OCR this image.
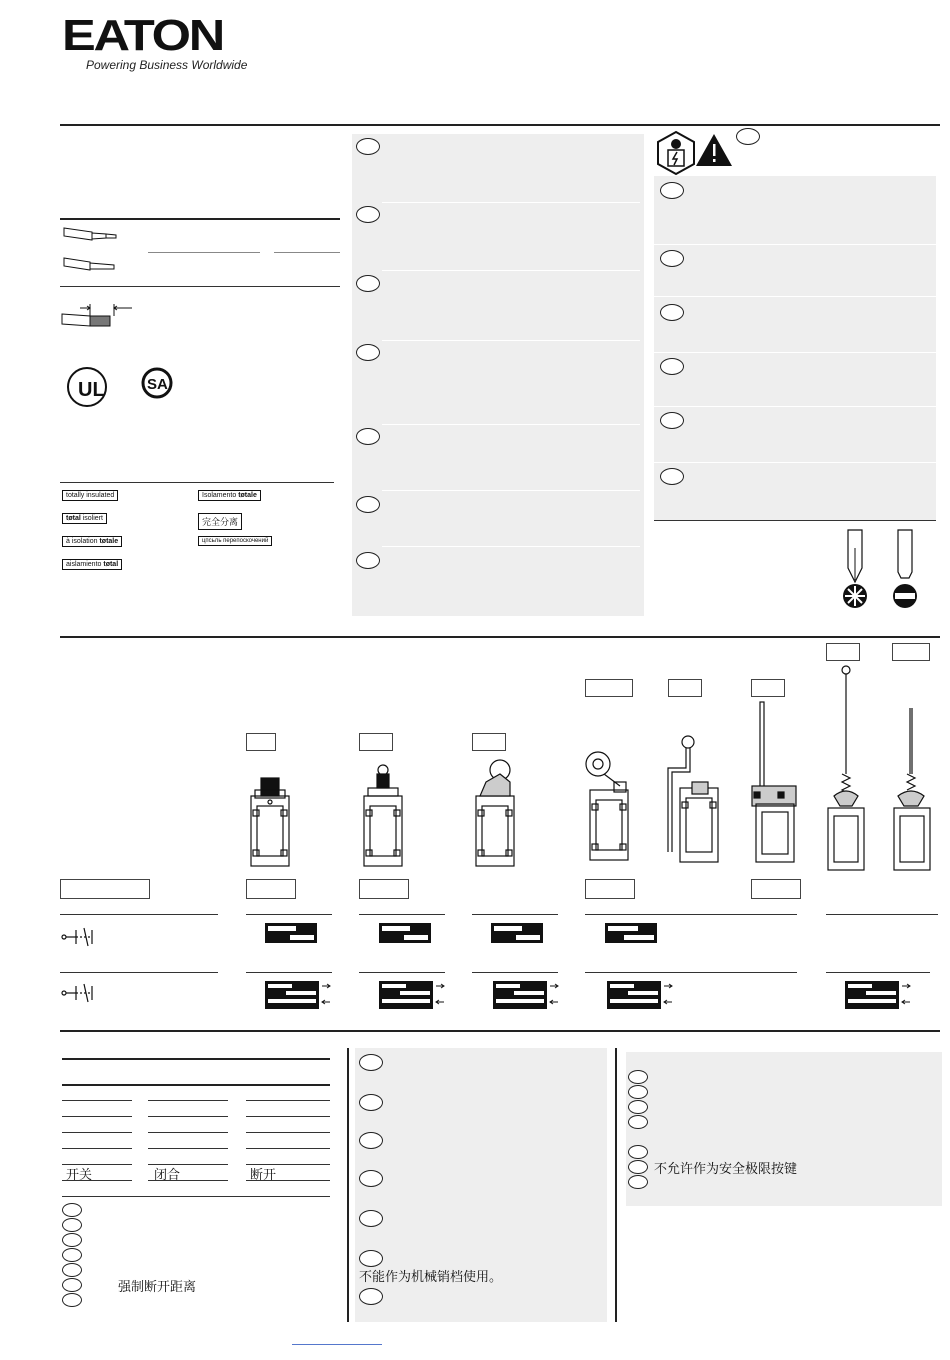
EATON
Powering Business Worldwide
UL	SA
totally insulated	Isolamento tøtale
tøtal isoliert	完全分离
à isolation tøtale	цпсьль перепоскочений
aislamiento tøtal
开关	闭合	断开
强制断开距离
不能作为机械销档使用。
不允许作为安全极限按键
